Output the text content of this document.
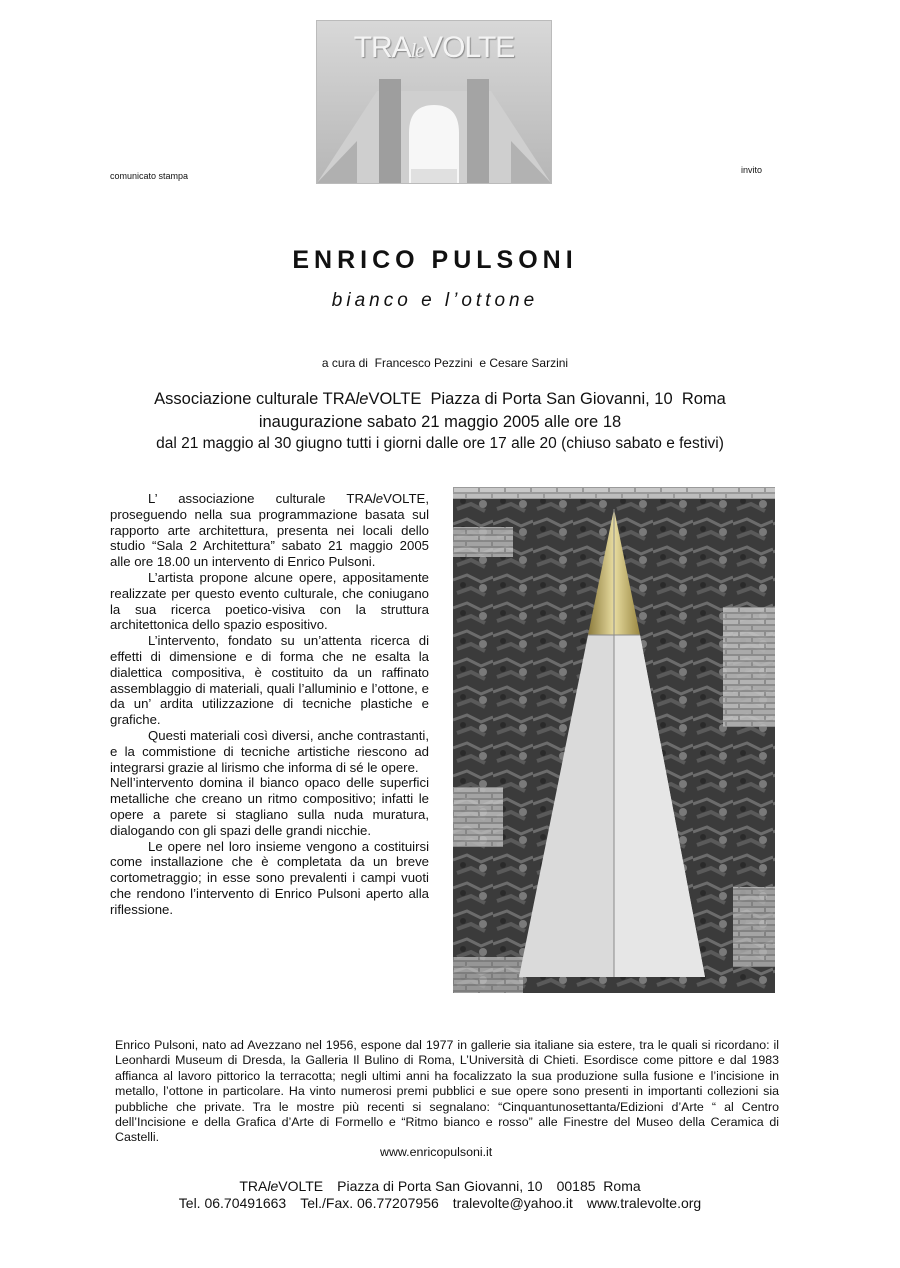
TRAleVOLTE
comunicato stampa
invito
ENRICO PULSONI
bianco e l’ottone
a cura di Francesco Pezzini e Cesare Sarzini
Associazione culturale TRAleVOLTE  Piazza di Porta San Giovanni, 10  Roma
inaugurazione sabato 21 maggio 2005 alle ore 18
dal 21 maggio al 30 giugno tutti i giorni dalle ore 17 alle 20 (chiuso sabato e festivi)

L’ associazione culturale TRAleVOLTE, proseguendo nella sua programmazione basata sul rapporto arte architettura, presenta nei locali dello studio “Sala 2 Architettura” sabato 21 maggio 2005 alle ore 18.00 un intervento di Enrico Pulsoni.

L’artista propone alcune opere, appositamente realizzate per questo evento culturale, che coniugano la sua ricerca poetico-visiva con la struttura architettonica dello spazio espositivo.

L’intervento, fondato su un’attenta ricerca di effetti di dimensione e di forma che ne esalta la dialettica compositiva, è costituito da un raffinato assemblaggio di materiali, quali l’alluminio e l’ottone, e da un’ ardita utilizzazione di tecniche plastiche e grafiche.

Questi materiali così diversi, anche contrastanti, e la commistione di tecniche artistiche riescono ad integrarsi grazie al lirismo che informa di sé le opere.

Nell’intervento domina il bianco opaco delle superfici metalliche che creano un ritmo compositivo; infatti le opere a parete si stagliano sulla nuda muratura, dialogando con gli spazi delle grandi nicchie.

Le opere nel loro insieme vengono a costituirsi come installazione che è completata da un breve cortometraggio; in esse sono prevalenti i campi vuoti che rendono l’intervento di Enrico Pulsoni aperto alla riflessione.

Enrico Pulsoni, nato ad Avezzano nel 1956, espone dal 1977 in gallerie sia italiane sia estere, tra le quali si ricordano: il Leonhardi Museum di Dresda, la Galleria Il Bulino di Roma, L’Università di Chieti. Esordisce come pittore e dal 1983 affianca al lavoro pittorico la terracotta; negli ultimi anni ha focalizzato la sua produzione sulla fusione e l’incisione in metallo, l’ottone in particolare. Ha vinto numerosi premi pubblici e sue opere sono presenti in importanti collezioni sia pubbliche che private. Tra le mostre più recenti si segnalano: “Cinquantunosettanta/Edizioni d’Arte “ al Centro dell’Incisione e della Grafica d’Arte di Formello e “Ritmo bianco e rosso” alle Finestre del Museo della Ceramica di Castelli.

www.enricopulsoni.it
TRAleVOLTE Piazza di Porta San Giovanni, 10 00185  Roma
Tel. 06.70491663 Tel./Fax. 06.77207956 tralevolte@yahoo.it www.tralevolte.org
